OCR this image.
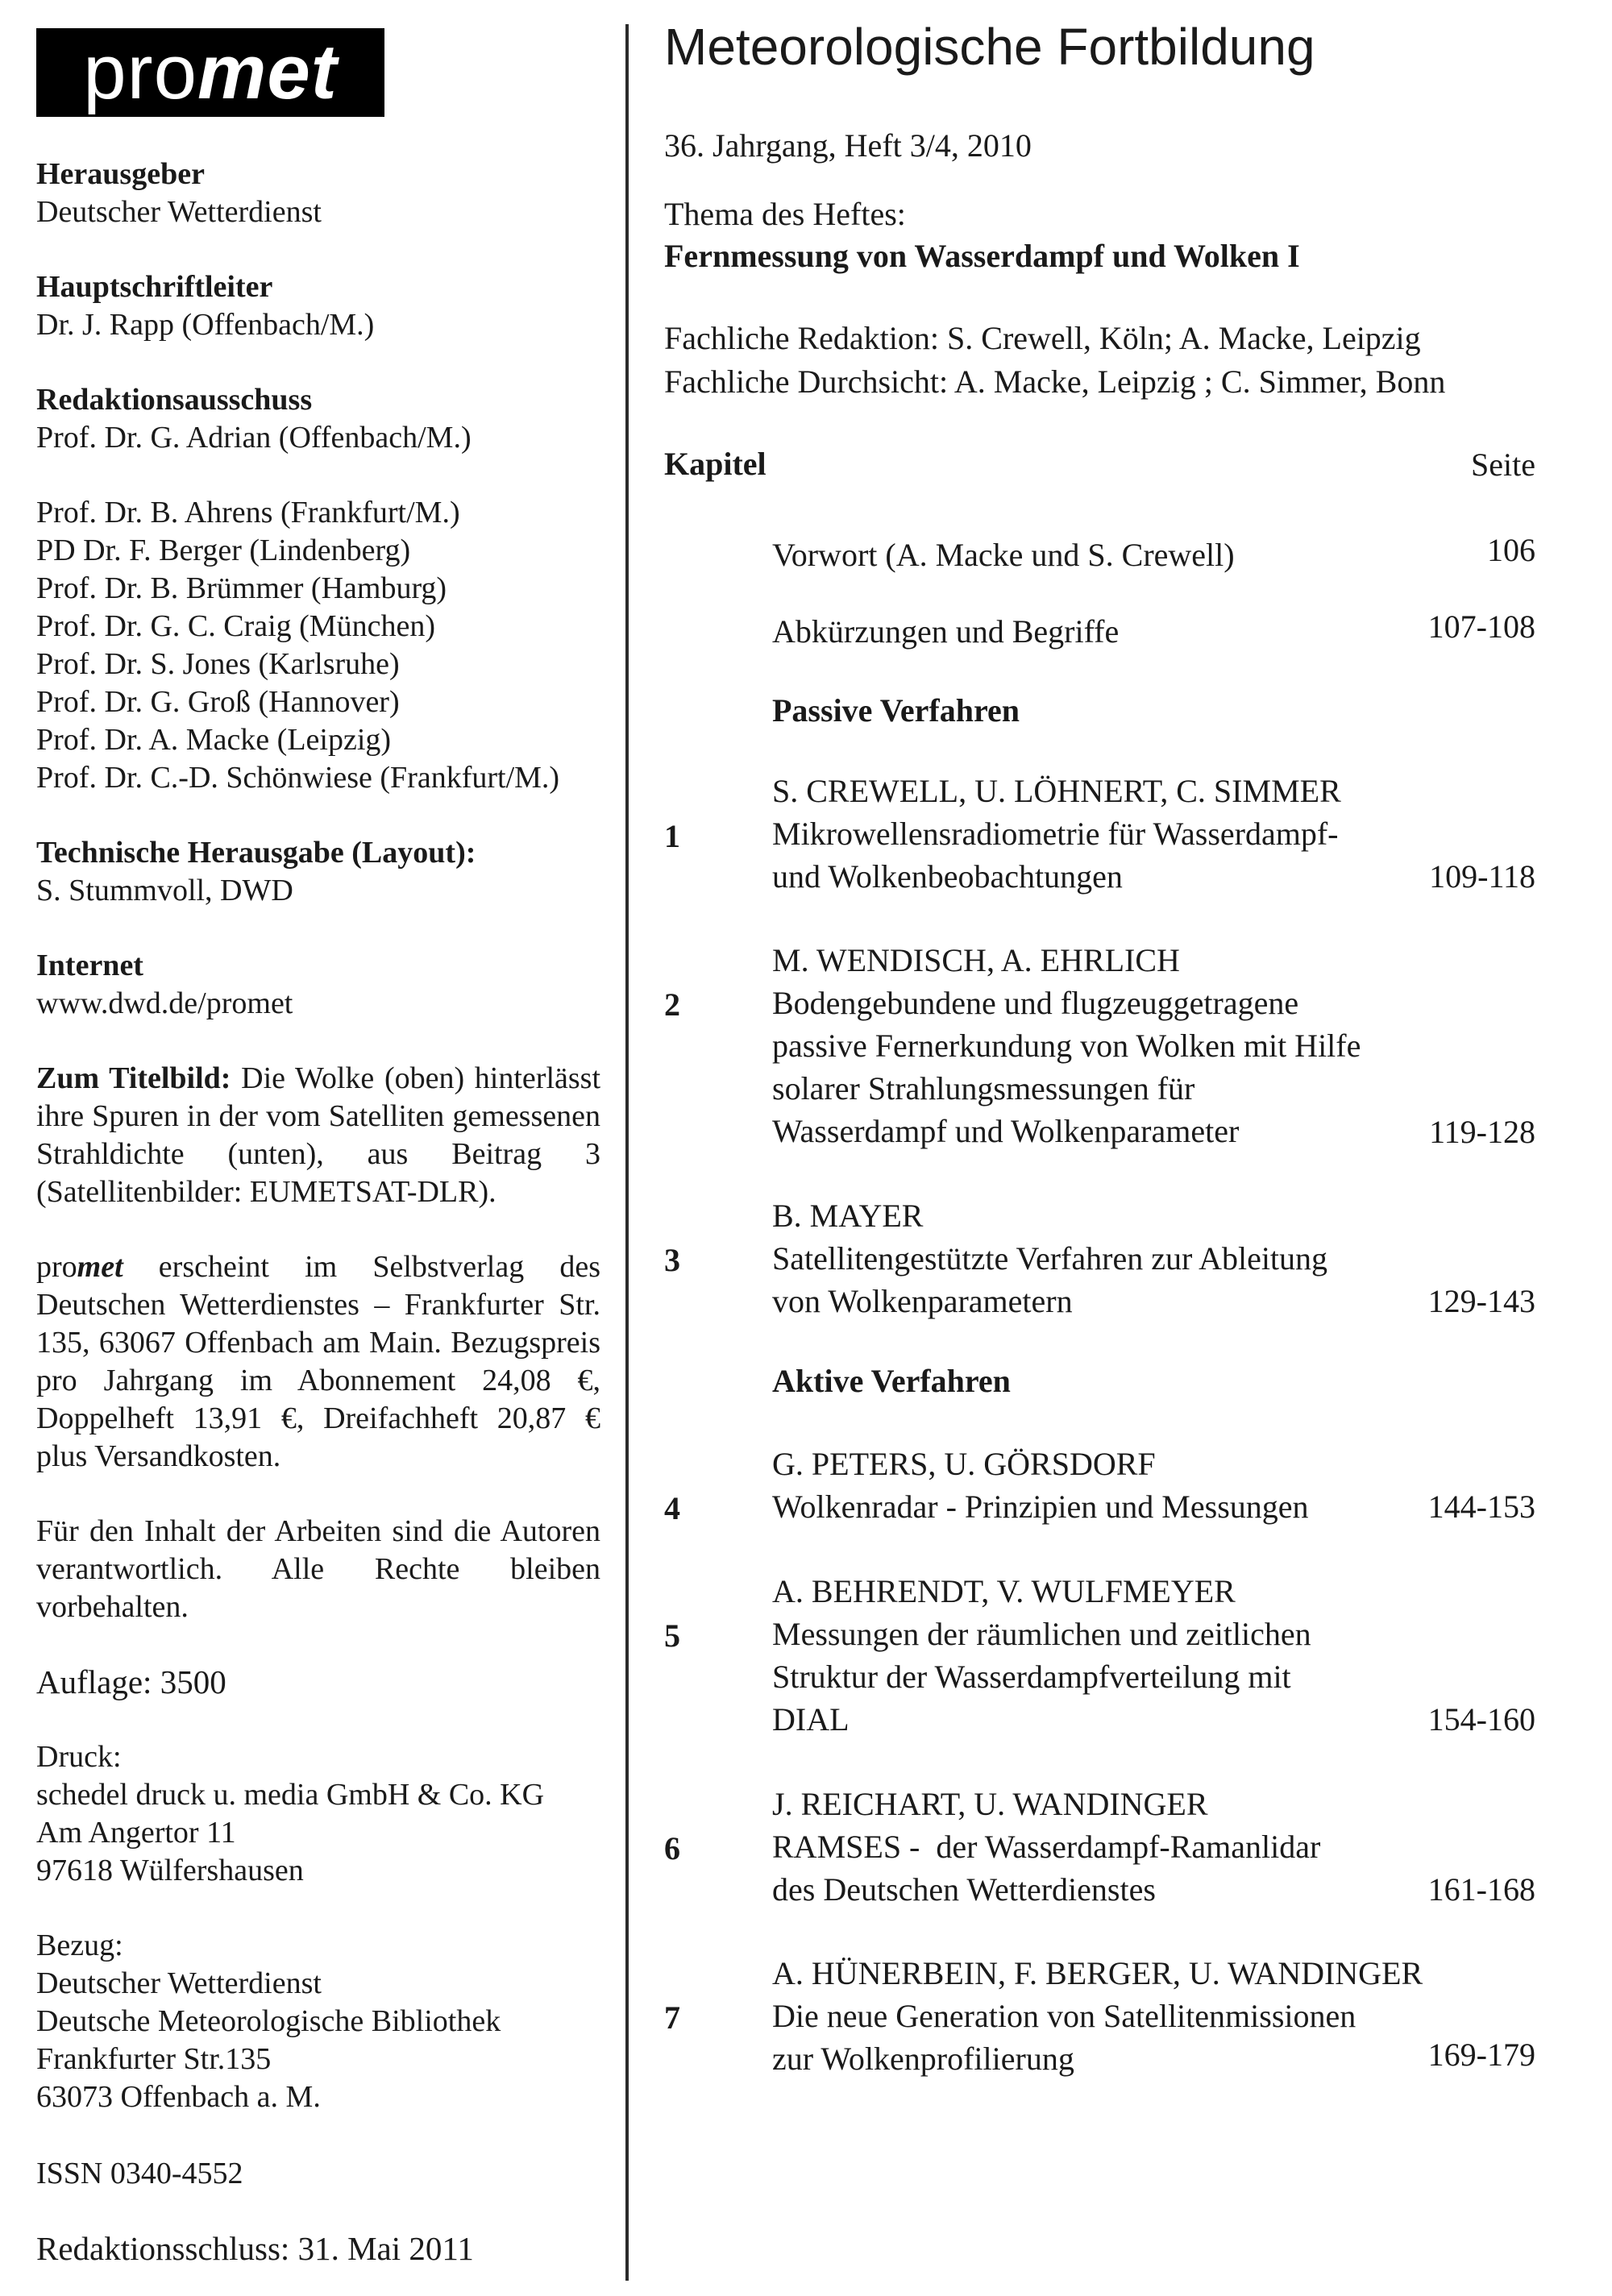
pro met
Herausgeber
Deutscher Wetterdienst
Hauptschriftleiter
Dr. J. Rapp (Offenbach/M.)
Redaktionsausschuss
Prof. Dr. G. Adrian (Offenbach/M.)
Prof. Dr. B. Ahrens (Frankfurt/M.)
PD Dr. F. Berger (Lindenberg)
Prof. Dr. B. Brümmer (Hamburg)
Prof. Dr. G. C. Craig (München)
Prof. Dr. S. Jones (Karlsruhe)
Prof. Dr. G. Groß (Hannover)
Prof. Dr. A. Macke (Leipzig)
Prof. Dr. C.-D. Schönwiese (Frankfurt/M.)
Technische Herausgabe (Layout):
S. Stummvoll, DWD
Internet
www.dwd.de/promet
Zum Titelbild: Die Wolke (oben) hinterlässt ihre Spuren in der vom Satelliten gemessenen Strahldichte (unten), aus Beitrag 3 (Satellitenbilder: EUMETSAT-DLR).
promet erscheint im Selbstverlag des Deutschen Wetterdienstes – Frankfurter Str. 135, 63067 Offenbach am Main. Bezugspreis pro Jahrgang im Abonnement 24,08 €, Doppelheft 13,91 €, Dreifachheft 20,87 € plus Versandkosten.
Für den Inhalt der Arbeiten sind die Autoren verantwortlich. Alle Rechte bleiben vorbehalten.
Auflage: 3500
Druck:
schedel druck u. media GmbH & Co. KG
Am Angertor 11
97618 Wülfershausen
Bezug:
Deutscher Wetterdienst
Deutsche Meteorologische Bibliothek
Frankfurter Str.135
63073 Offenbach a. M.
ISSN 0340-4552
Redaktionsschluss: 31. Mai 2011
Meteorologische Fortbildung
36. Jahrgang, Heft 3/4, 2010
Thema des Heftes:
Fernmessung von Wasserdampf und Wolken I
Fachliche Redaktion: S. Crewell, Köln; A. Macke, Leipzig
Fachliche Durchsicht: A. Macke, Leipzig ; C. Simmer, Bonn
Kapitel	Seite
Vorwort (A. Macke und S. Crewell)	106
Abkürzungen und Begriffe	107-108
Passive Verfahren
1
S. CREWELL, U. LÖHNERT, C. SIMMER
Mikrowellensradiometrie für Wasserdampf-
und Wolkenbeobachtungen	109-118
2
M. WENDISCH, A. EHRLICH
Bodengebundene und flugzeuggetragene
passive Fernerkundung von Wolken mit Hilfe
solarer Strahlungsmessungen für
Wasserdampf und Wolkenparameter	119-128
3
B. MAYER
Satellitengestützte Verfahren zur Ableitung
von Wolkenparametern	129-143
Aktive Verfahren
4
G. PETERS, U. GÖRSDORF
Wolkenradar - Prinzipien und Messungen	144-153
5
A. BEHRENDT, V. WULFMEYER
Messungen der räumlichen und zeitlichen
Struktur der Wasserdampfverteilung mit
DIAL	154-160
6
J. REICHART, U. WANDINGER
RAMSES -  der Wasserdampf-Ramanlidar
des Deutschen Wetterdienstes	161-168
7
A. HÜNERBEIN, F. BERGER, U. WANDINGER
Die neue Generation von Satellitenmissionen
zur Wolkenprofilierung	169-179
